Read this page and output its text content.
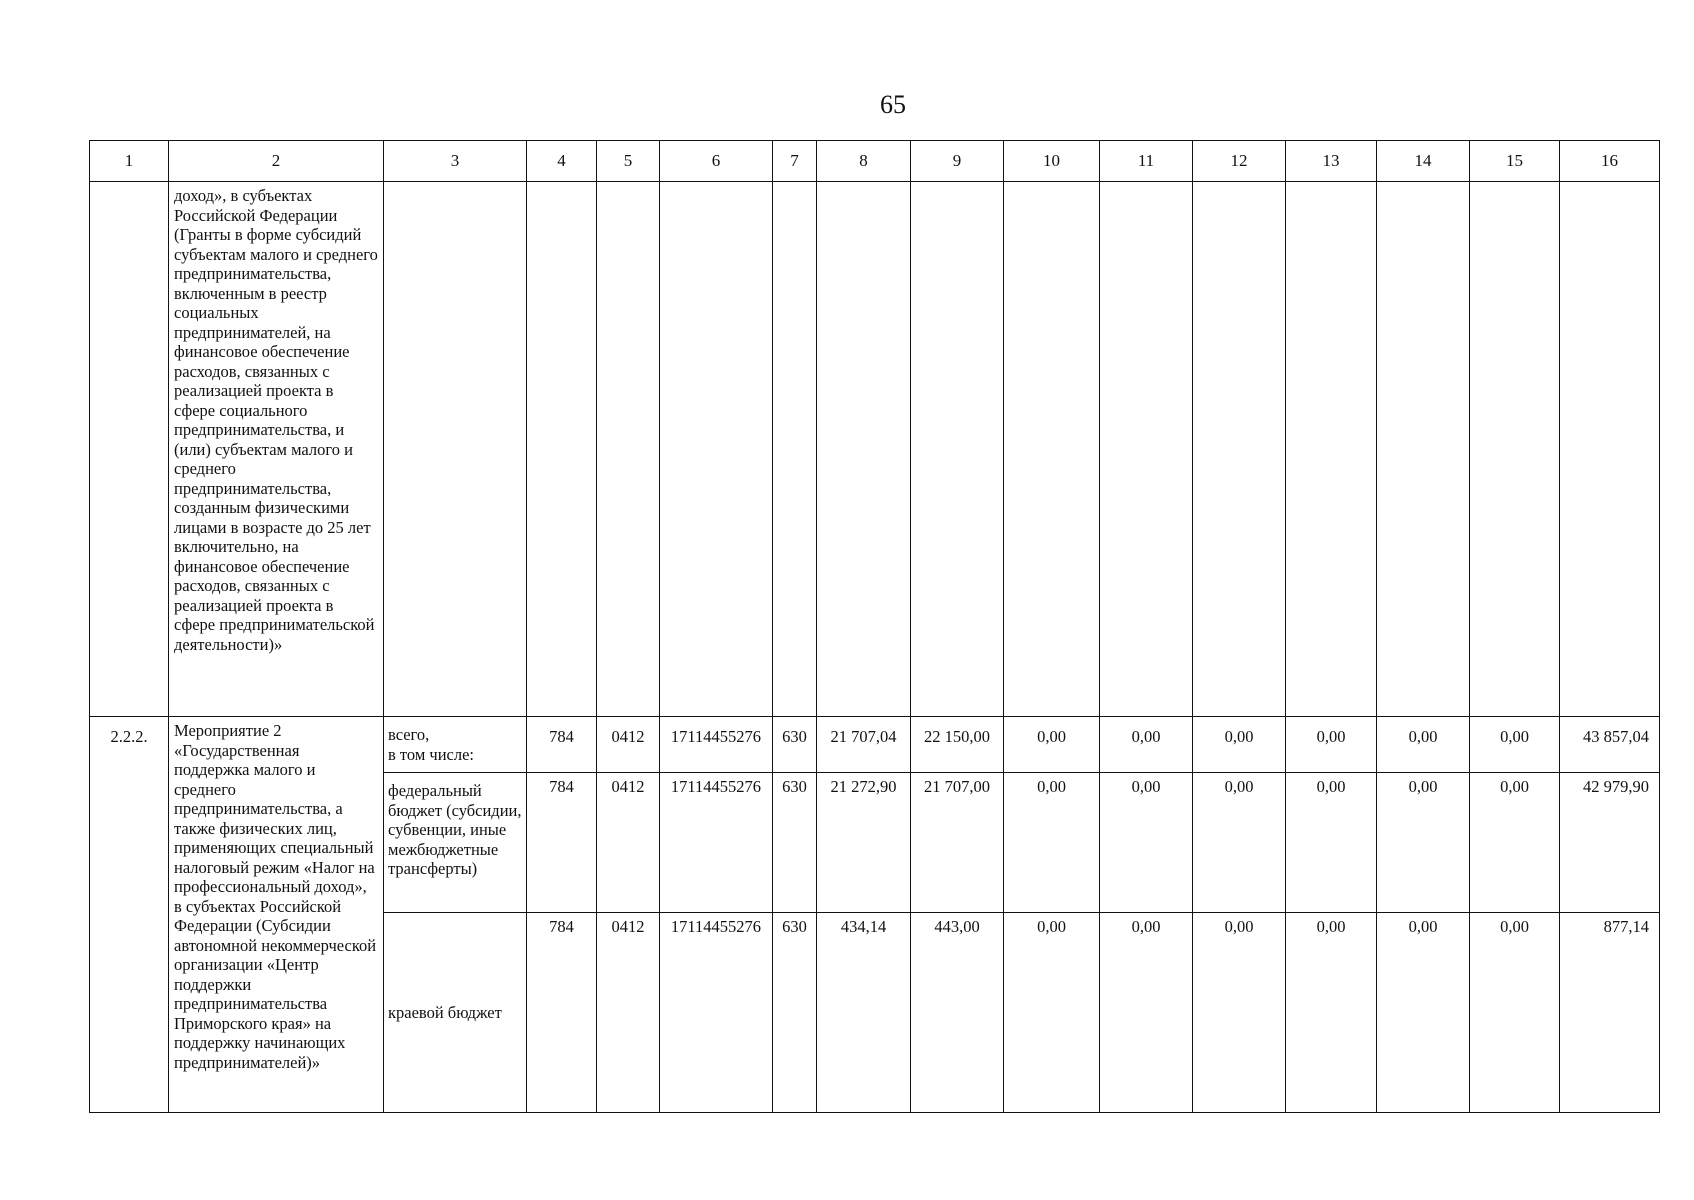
65
1	2	3	4	5	6	7	8	9	10	11	12	13	14	15	16

	доход», в субъектах Российской Федерации (Гранты в форме субсидий субъектам малого и среднего предпринимательства, включенным в реестр социальных предпринимателей, на финансовое обеспечение расходов, связанных с реализацией проекта в сфере социального предпринимательства, и (или) субъектам малого и среднего предпринимательства, созданным физическими лицами в возрасте до 25 лет включительно, на финансовое обеспечение расходов, связанных с реализацией проекта в сфере предпринимательской деятельности)»														

2.2.2.	Мероприятие 2 «Государственная поддержка малого и среднего предпринимательства, а также физических лиц, применяющих специальный налоговый режим «Налог на профессиональный доход», в субъектах Российской Федерации (Субсидии автономной некоммерческой организации «Центр поддержки предпринимательства Приморского края» на поддержку начинающих предпринимателей)»	всего,
в том числе:	784	0412	17114455276	630	21 707,04	22 150,00	0,00	0,00	0,00	0,00	0,00	0,00	43 857,04

		федеральный бюджет (субсидии, субвенции, иные межбюджетные трансферты)	784	0412	17114455276	630	21 272,90	21 707,00	0,00	0,00	0,00	0,00	0,00	0,00	42 979,90

		краевой бюджет	784	0412	17114455276	630	434,14	443,00	0,00	0,00	0,00	0,00	0,00	0,00	877,14
